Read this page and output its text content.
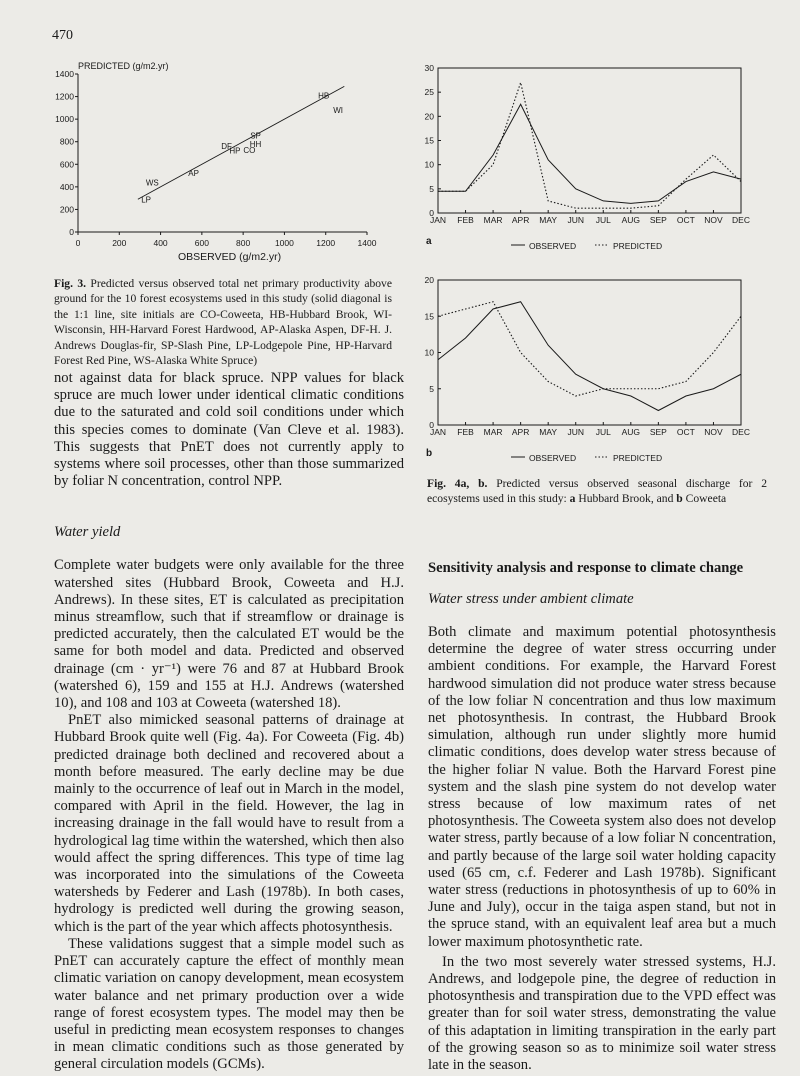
470
PREDICTED (g/m2.yr)
0	200	400	600	800	1000	1200	1400
0
200
400
600
800
1000
1200
1400
LP
WS
AP
DF
HP CO
SP
HH
HB
WI
OBSERVED (g/m2.yr)
Fig. 3. Predicted versus observed total net primary productivity above ground for the 10 forest ecosystems used in this study (solid diagonal is the 1:1 line, site initials are CO-Coweeta, HB-Hubbard Brook, WI-Wisconsin, HH-Harvard Forest Hardwood, AP-Alaska Aspen, DF-H. J. Andrews Douglas-fir, SP-Slash Pine, LP-Lodgepole Pine, HP-Harvard Forest Red Pine, WS-Alaska White Spruce)
0
5
10
15
20
25
30
JAN FEB MAR APR MAY JUN JUL AUG SEP OCT NOV DEC
a	OBSERVED	PREDICTED
0
5
10
15
20
JAN FEB MAR APR MAY JUN JUL AUG SEP OCT NOV DEC
b	OBSERVED	PREDICTED
Fig. 4a, b. Predicted versus observed seasonal discharge for 2 ecosystems used in this study: a Hubbard Brook, and b Coweeta

not against data for black spruce. NPP values for black spruce are much lower under identical climatic conditions due to the saturated and cold soil conditions under which this species comes to dominate (Van Cleve et al. 1983). This suggests that PnET does not currently apply to systems where soil processes, other than those summarized by foliar N concentration, control NPP.

Water yield

Complete water budgets were only available for the three watershed sites (Hubbard Brook, Coweeta and H.J. Andrews). In these sites, ET is calculated as precipitation minus streamflow, such that if streamflow or drainage is predicted accurately, then the calculated ET would be the same for both model and data. Predicted and observed drainage (cm · yr⁻¹) were 76 and 87 at Hubbard Brook (watershed 6), 159 and 155 at H.J. Andrews (watershed 10), and 108 and 103 at Coweeta (watershed 18).

PnET also mimicked seasonal patterns of drainage at Hubbard Brook quite well (Fig. 4a). For Coweeta (Fig. 4b) predicted drainage both declined and recovered about a month before measured. The early decline may be due mainly to the occurrence of leaf out in March in the model, compared with April in the field. However, the lag in increasing drainage in the fall would have to result from a hydrological lag time within the watershed, which then also would affect the spring differences. This type of time lag was incorporated into the simulations of the Coweeta watersheds by Federer and Lash (1978b). In both cases, hydrology is predicted well during the growing season, which is the part of the year which affects photosynthesis.

These validations suggest that a simple model such as PnET can accurately capture the effect of monthly mean climatic variation on canopy development, mean ecosystem water balance and net primary production over a wide range of forest ecosystem types. The model may then be useful in predicting mean ecosystem responses to changes in mean climatic conditions such as those generated by general circulation models (GCMs).

Sensitivity analysis and response to climate change
Water stress under ambient climate

Both climate and maximum potential photosynthesis determine the degree of water stress occurring under ambient conditions. For example, the Harvard Forest hardwood simulation did not produce water stress because of the low foliar N concentration and thus low maximum net photosynthesis. In contrast, the Hubbard Brook simulation, although run under slightly more humid climatic conditions, does develop water stress because of the higher foliar N value. Both the Harvard Forest pine system and the slash pine system do not develop water stress because of low maximum rates of net photosynthesis. The Coweeta system also does not develop water stress, partly because of a low foliar N concentration, and partly because of the large soil water holding capacity used (65 cm, c.f. Federer and Lash 1978b). Significant water stress (reductions in photosynthesis of up to 60% in June and July), occur in the taiga aspen stand, but not in the spruce stand, with an equivalent leaf area but a much lower maximum photosynthetic rate.

In the two most severely water stressed systems, H.J. Andrews, and lodgepole pine, the degree of reduction in photosynthesis and transpiration due to the VPD effect was greater than for soil water stress, demonstrating the value of this adaptation in limiting transpiration in the early part of the growing season so as to minimize soil water stress late in the season.
